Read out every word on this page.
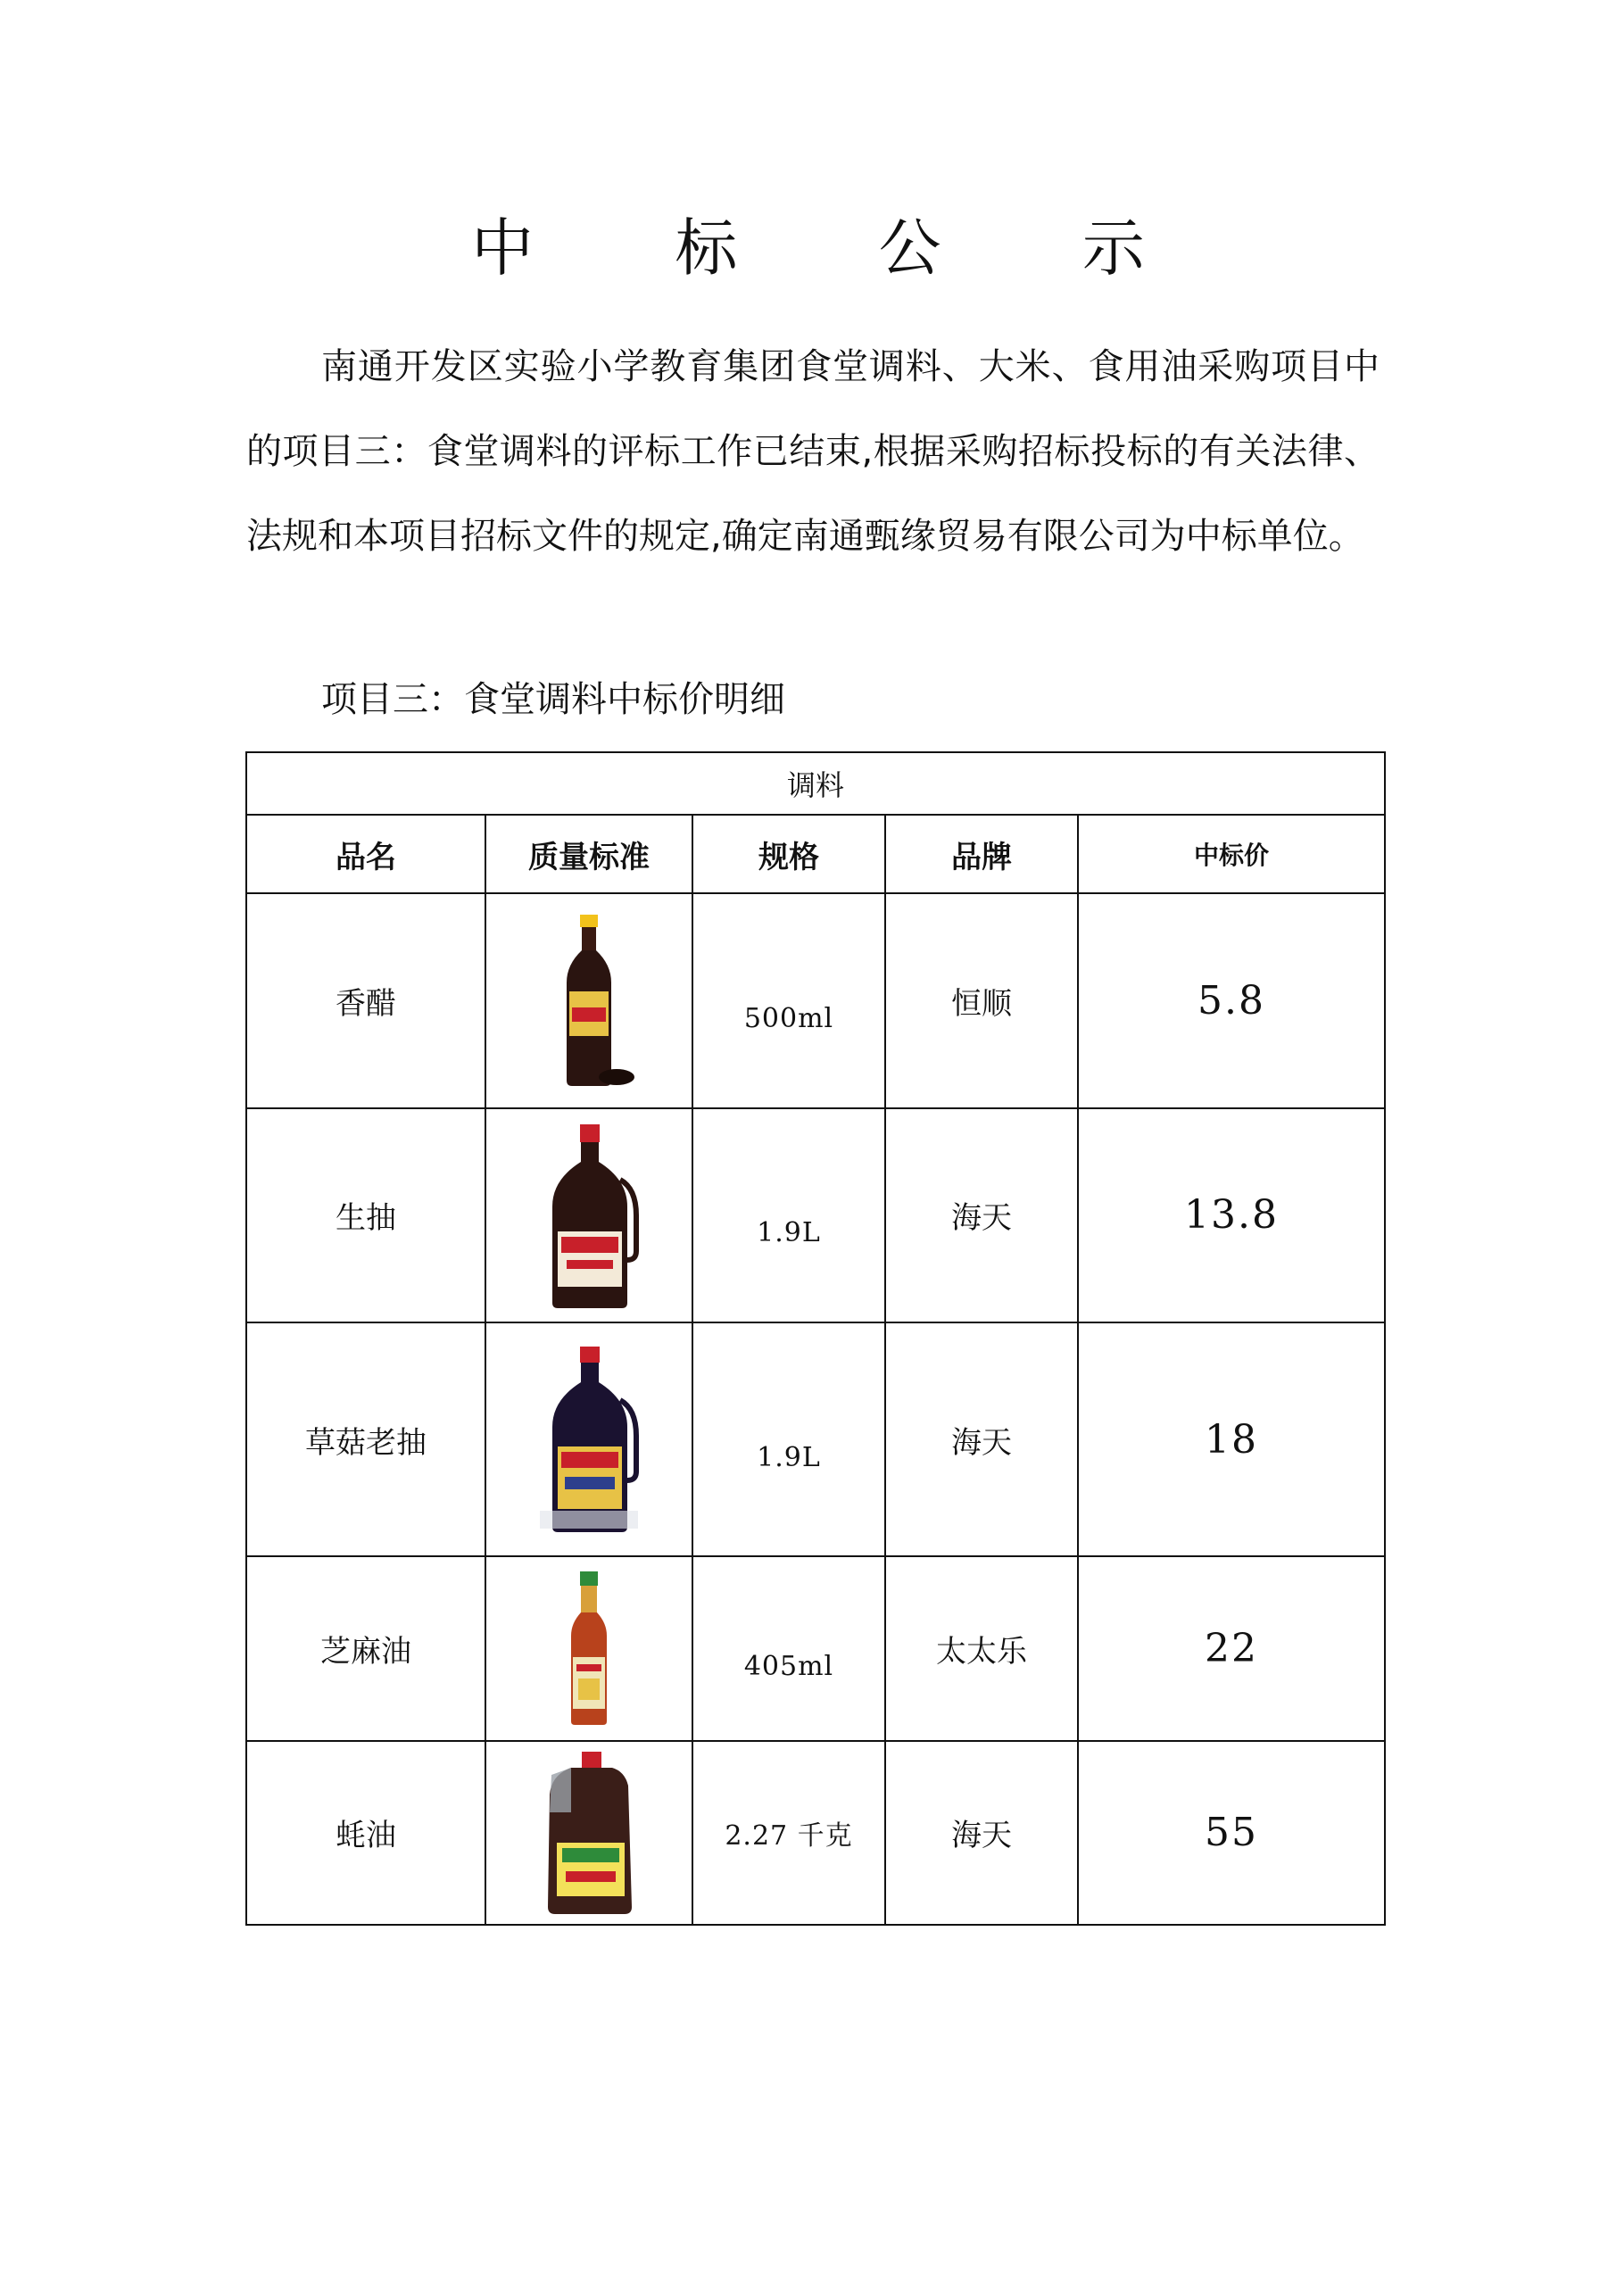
中 标 公 示
南通开发区实验小学教育集团食堂调料、大米、食用油采购项目中的项目三：食堂调料的评标工作已结束,根据采购招标投标的有关法律、法规和本项目招标文件的规定,确定南通甄缘贸易有限公司为中标单位。
项目三：食堂调料中标价明细
调料				
品名	质量标准	规格	品牌	中标价
香醋		500ml	恒顺	5.8
生抽		1.9L	海天	13.8
草菇老抽		1.9L	海天	18
芝麻油		405ml	太太乐	22
蚝油		2.27 千克	海天	55
